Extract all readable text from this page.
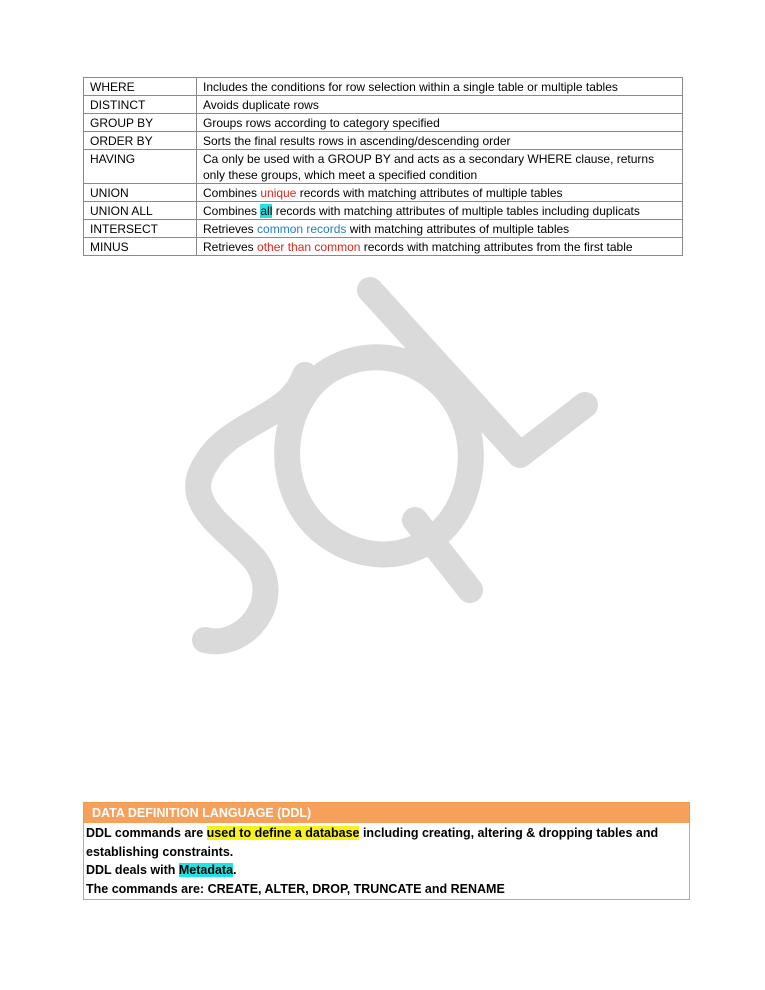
WHERE	Includes the conditions for row selection within a single table or multiple tables
DISTINCT	Avoids duplicate rows
GROUP BY	Groups rows according to category specified
ORDER BY	Sorts the final results rows in ascending/descending order
HAVING	Ca only be used with a GROUP BY and acts as a secondary WHERE clause, returns only these groups, which meet a specified condition
UNION	Combines unique records with matching attributes of multiple tables
UNION ALL	Combines all records with matching attributes of multiple tables including duplicats
INTERSECT	Retrieves common records with matching attributes of multiple tables
MINUS	Retrieves other than common records with matching attributes from the first table
DATA DEFINITION LANGUAGE (DDL)

DDL commands are used to define a database including creating, altering & dropping tables and establishing constraints.

DDL deals with Metadata.

The commands are: CREATE, ALTER, DROP, TRUNCATE and RENAME
